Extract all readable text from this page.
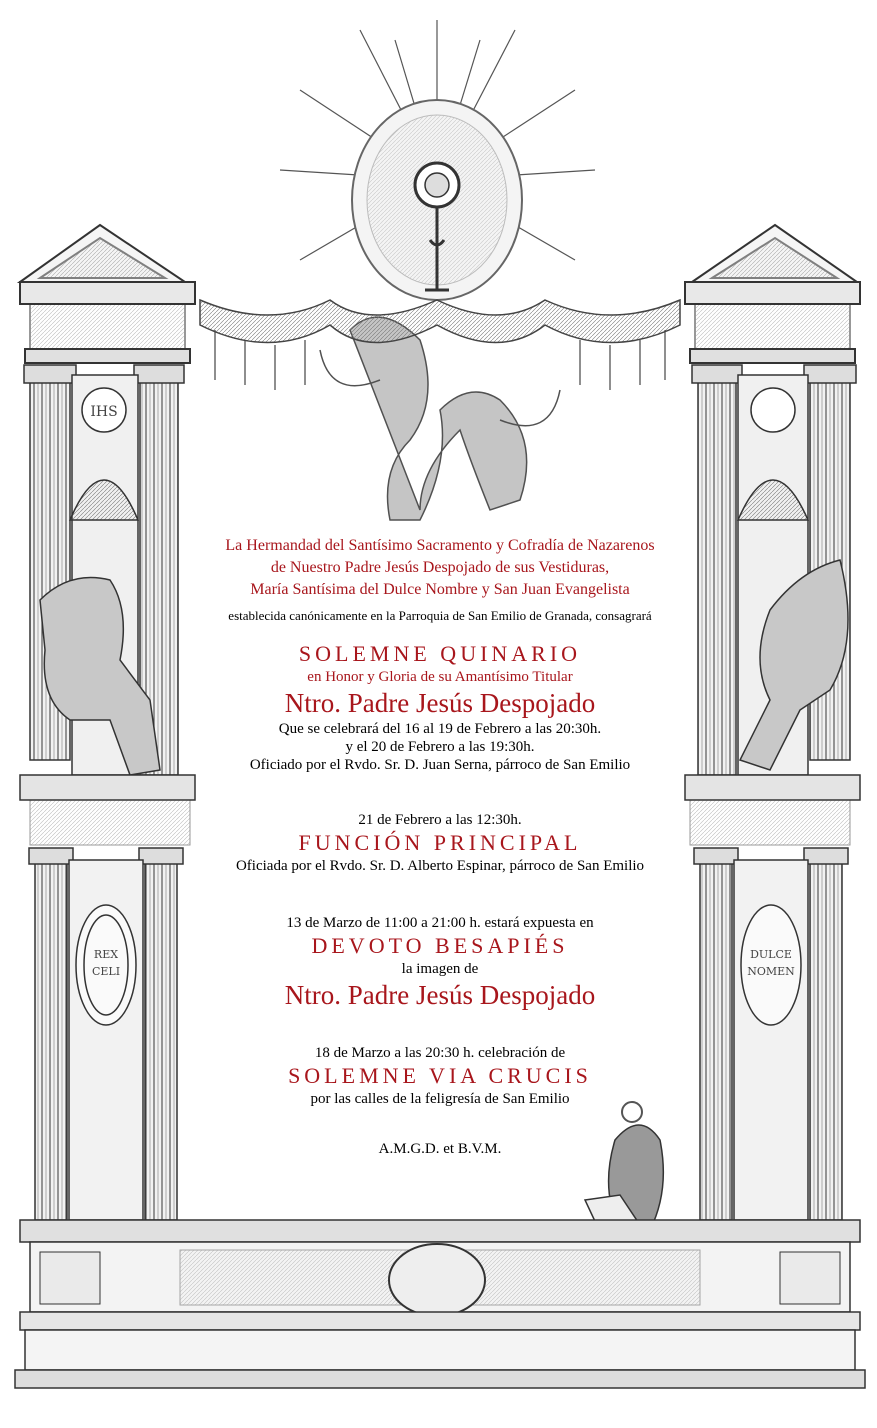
IHS
REX
CELI
DULCE
NOMEN
La Hermandad del Santísimo Sacramento y Cofradía de Nazarenos
de Nuestro Padre Jesús Despojado de sus Vestiduras,
María Santísima del Dulce Nombre y San Juan Evangelista
establecida canónicamente en la Parroquia de San Emilio de Granada, consagrará
SOLEMNE QUINARIO
en Honor y Gloria de su Amantísimo Titular
Ntro. Padre Jesús Despojado
Que se celebrará del 16 al 19 de Febrero a las 20:30h.
y el 20 de Febrero a las 19:30h.
Oficiado por el Rvdo. Sr. D. Juan Serna, párroco de San Emilio
21 de Febrero a las 12:30h.
FUNCIÓN PRINCIPAL
Oficiada por el Rvdo. Sr. D. Alberto Espinar, párroco de San Emilio
13 de Marzo de 11:00 a 21:00 h. estará expuesta en
DEVOTO BESAPIÉS
la imagen de
Ntro. Padre Jesús Despojado
18 de Marzo a las 20:30 h. celebración de
SOLEMNE VIA CRUCIS
por las calles de la feligresía de San Emilio
A.M.G.D. et B.V.M.
